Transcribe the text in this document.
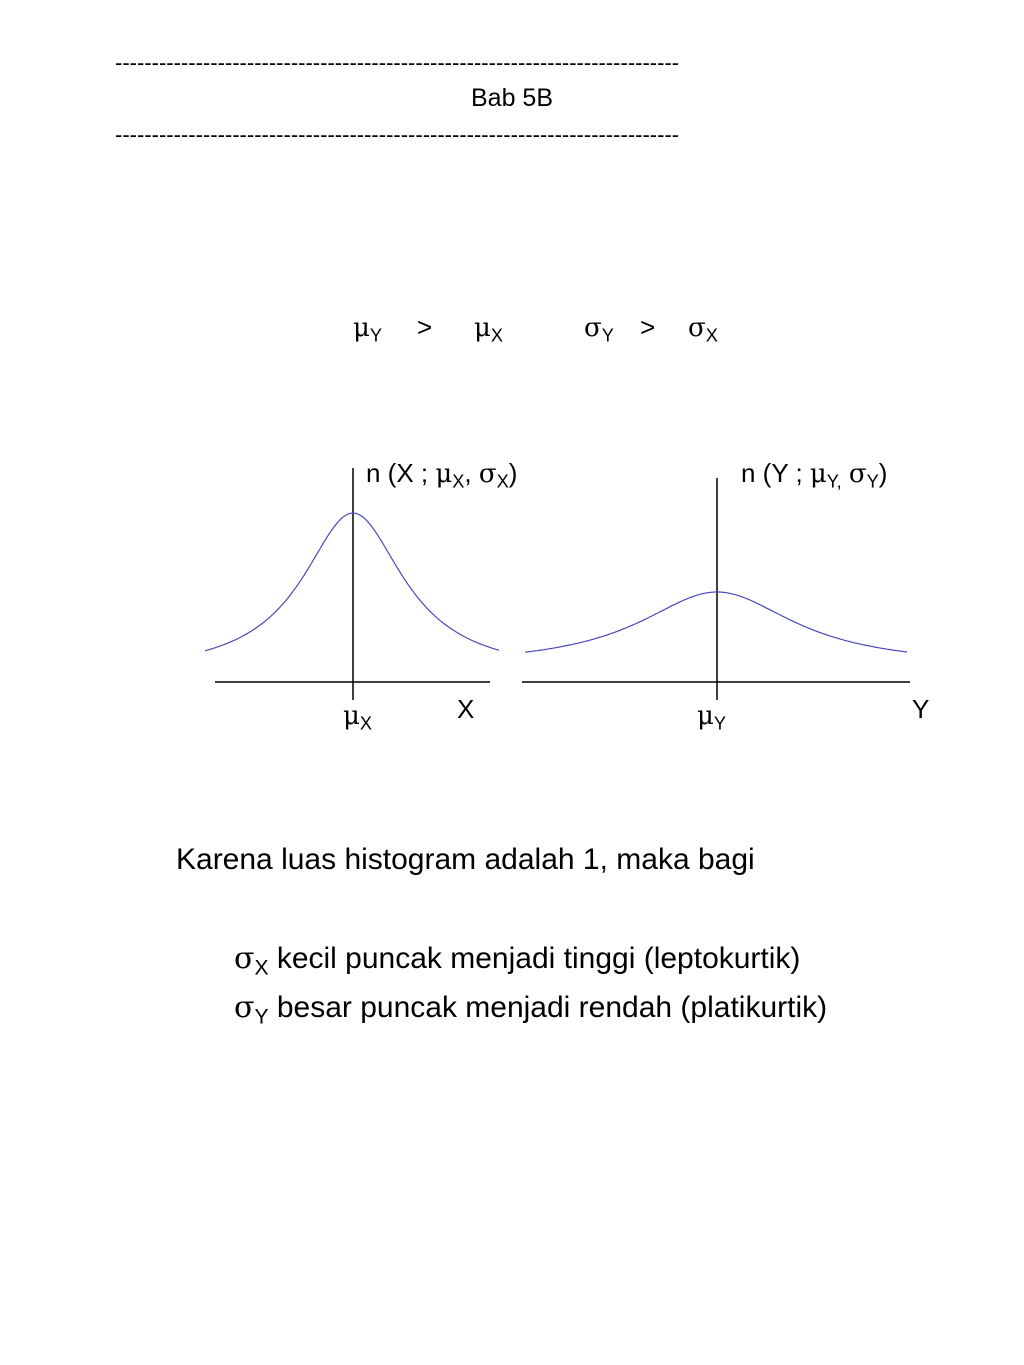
-----------------------------------------------------------------------------
Bab 5B
-----------------------------------------------------------------------------
$\mu_Y > \mu_X$	$\sigma_Y > \sigma_X$
n (X ; $\mu_X$, $\sigma_X$)
$\mu_X$	X
n (Y ; $\mu_{Y,}$ $\sigma_Y$)
$\mu_Y$	Y
Karena luas histogram adalah 1, maka bagi
$\sigma_X$ kecil puncak menjadi tinggi (leptokurtik)
$\sigma_Y$ besar puncak menjadi rendah (platikurtik)
